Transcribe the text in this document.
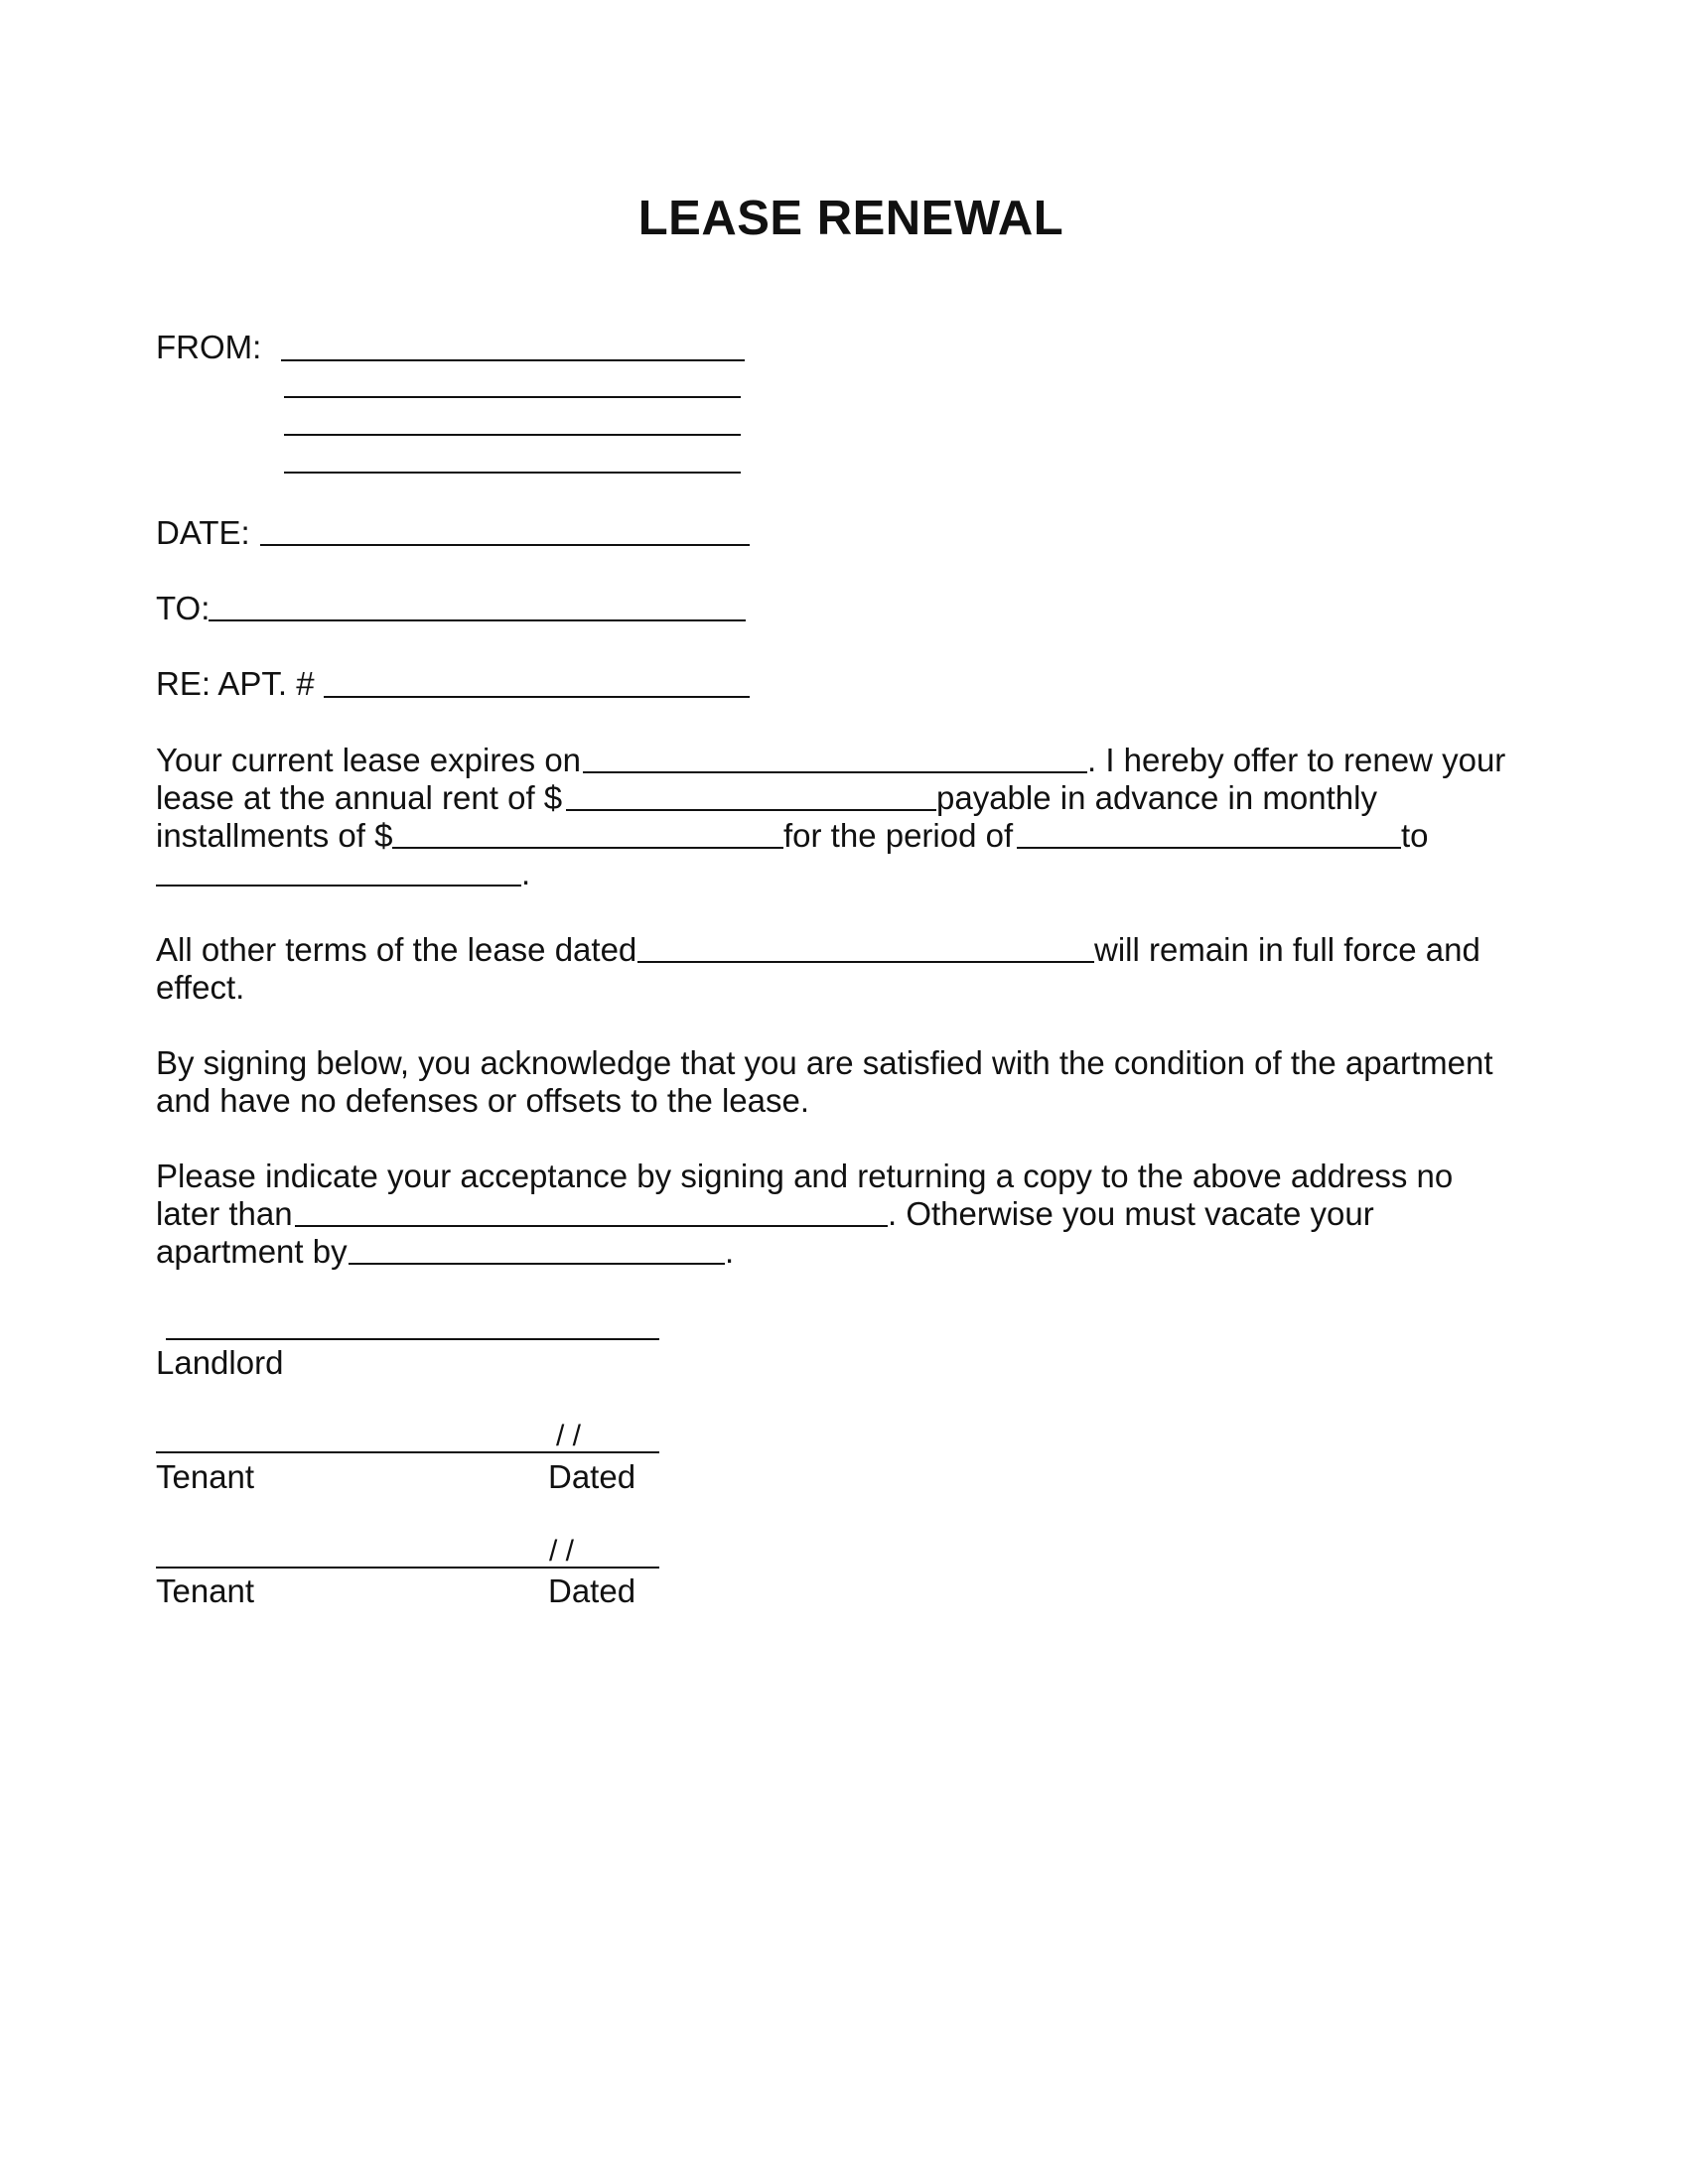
LEASE RENEWAL
FROM:
DATE:
TO:
RE: APT. #
Your current lease expires on	. I hereby offer to renew your
lease at the annual rent of $	payable in advance in monthly
installments of $	for the period of	to
.
All other terms of the lease dated	will remain in full force and
effect.
By signing below, you acknowledge that you are satisfied with the condition of the apartment
and have no defenses or offsets to the lease.
Please indicate your acceptance by signing and returning a copy to the above address no
later than	. Otherwise you must vacate your
apartment by	.
Landlord
/ /
Tenant	Dated
/ /
Tenant	Dated
